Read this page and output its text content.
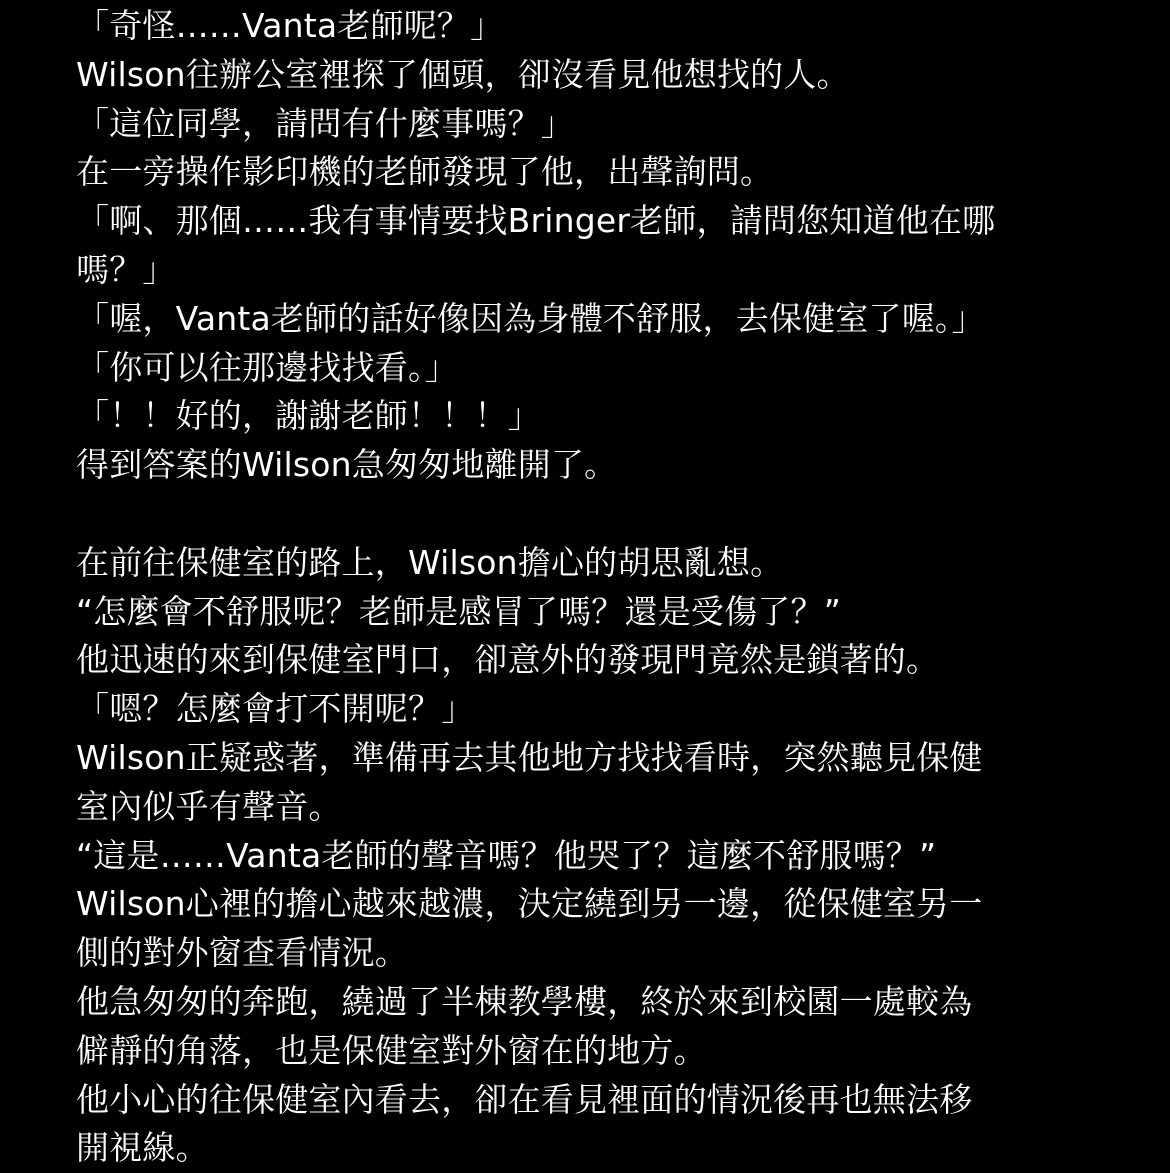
「奇怪……Vanta老師呢？」
Wilson往辦公室裡探了個頭，卻沒看見他想找的人。
「這位同學，請問有什麼事嗎？」
在一旁操作影印機的老師發現了他，出聲詢問。
「啊、那個……我有事情要找Bringer老師，請問您知道他在哪
嗎？」
「喔，Vanta老師的話好像因為身體不舒服，去保健室了喔。」
「你可以往那邊找找看。」
「！！好的，謝謝老師！！！」
得到答案的Wilson急匆匆地離開了。
在前往保健室的路上，Wilson擔心的胡思亂想。
“怎麼會不舒服呢？老師是感冒了嗎？還是受傷了？”
他迅速的來到保健室門口，卻意外的發現門竟然是鎖著的。
「嗯？怎麼會打不開呢？」
Wilson正疑惑著，準備再去其他地方找找看時，突然聽見保健
室內似乎有聲音。
“這是……Vanta老師的聲音嗎？他哭了？這麼不舒服嗎？”
Wilson心裡的擔心越來越濃，決定繞到另一邊，從保健室另一
側的對外窗查看情況。
他急匆匆的奔跑，繞過了半棟教學樓，終於來到校園一處較為
僻靜的角落，也是保健室對外窗在的地方。
他小心的往保健室內看去，卻在看見裡面的情況後再也無法移
開視線。
